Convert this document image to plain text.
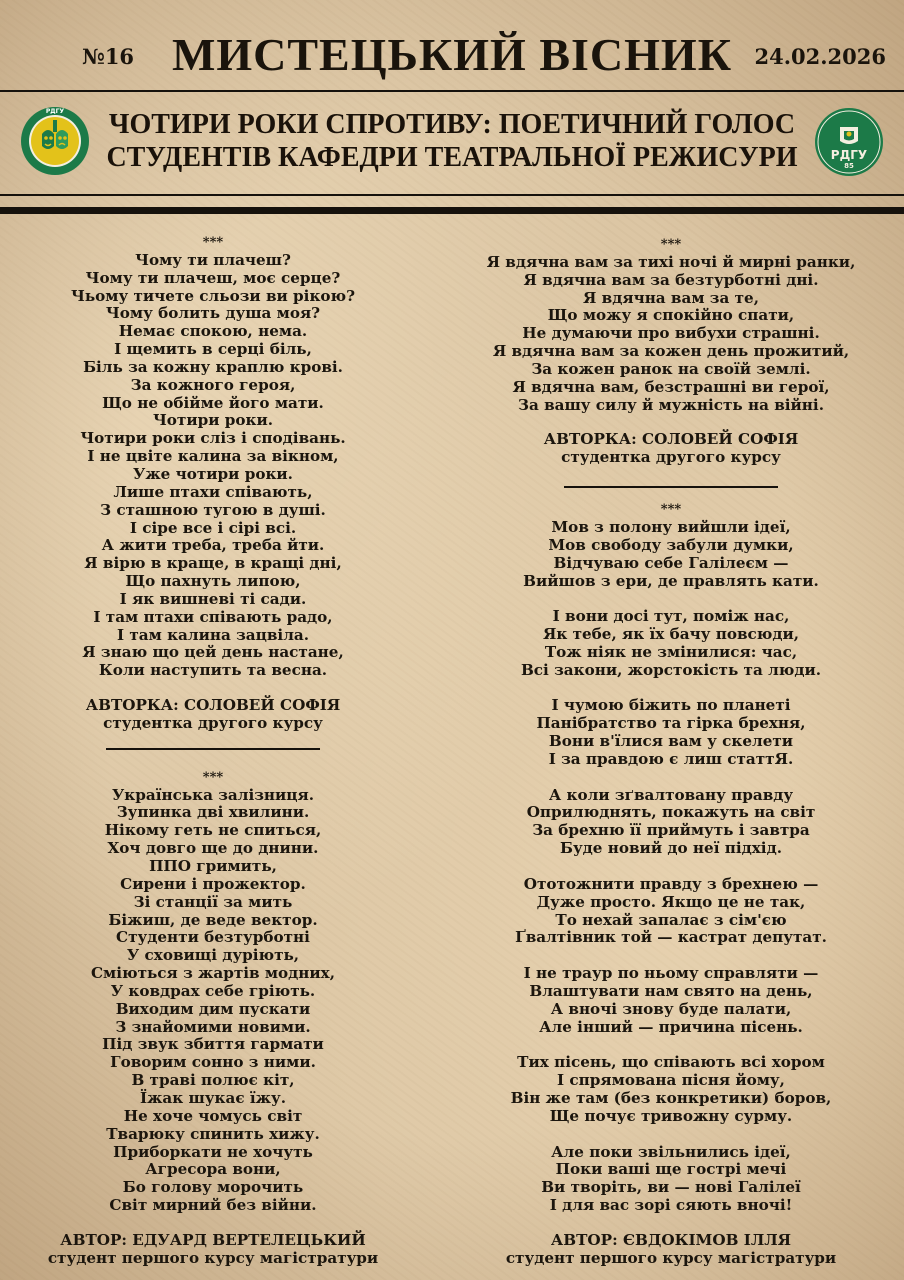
№16 МИСТЕЦЬКИЙ ВІСНИК	24.02.2026
РДГУ	ЧОТИРИ РОКИ СПРОТИВУ: ПОЕТИЧНИЙ ГОЛОС
СТУДЕНТІВ КАФЕДРИ ТЕАТРАЛЬНОЇ РЕЖИСУРИ	РДГУ
85
***
Чому ти плачеш?
Чому ти плачеш, моє серце?
Чьому тичете сльози ви рікою?
Чому болить душа моя?
Немає спокою, нема.
І щемить в серці біль,
Біль за кожну краплю крові.
За кожного героя,
Що не обійме його мати.
Чотири роки.
Чотири роки сліз і сподівань.
І не цвіте калина за вікном,
Уже чотири роки.
Лише птахи співають,
З сташною тугою в душі.
І сіре все і сірі всі.
А жити треба, треба йти.
Я вірю в краще, в кращі дні,
Що пахнуть липою,
І як вишневі ті сади.
І там птахи співають радо,
І там калина зацвіла.
Я знаю що цей день настане,
Коли наступить та весна.
АВТОРКА: СОЛОВЕЙ СОФІЯ
студентка другого курсу
***
Українська залізниця.
Зупинка дві хвилини.
Нікому геть не спиться,
Хоч довго ще до днини.
ППО гримить,
Сирени і прожектор.
Зі станції за мить
Біжиш, де веде вектор.
Студенти безтурботні
У сховищі дуріють,
Сміються з жартів модних,
У ковдрах себе гріють.
Виходим дим пускати
З знайомими новими.
Під звук збиття гармати
Говорим сонно з ними.
В траві полює кіт,
Їжак шукає їжу.
Не хоче чомусь світ
Тварюку спинить хижу.
Приборкати не хочуть
Агресора вони,
Бо голову морочить
Світ мирний без війни.
АВТОР: ЕДУАРД ВЕРТЕЛЕЦЬКИЙ
студент першого курсу магістратури
***
Я вдячна вам за тихі ночі й мирні ранки,
Я вдячна вам за безтурботні дні.
Я вдячна вам за те,
Що можу я спокійно спати,
Не думаючи про вибухи страшні.
Я вдячна вам за кожен день прожитий,
За кожен ранок на своїй землі.
Я вдячна вам, безстрашні ви герої,
За вашу силу й мужність на війні.
АВТОРКА: СОЛОВЕЙ СОФІЯ
студентка другого курсу
***
Мов з полону вийшли ідеї,
Мов свободу забули думки,
Відчуваю себе Галілеєм —
Вийшов з ери, де правлять кати.
І вони досі тут, поміж нас,
Як тебе, як їх бачу повсюди,
Тож ніяк не змінилися: час,
Всі закони, жорстокість та люди.
І чумою біжить по планеті
Панібратство та гірка брехня,
Вони в'їлися вам у скелети
І за правдою є лиш статтЯ.
А коли зґвалтовану правду
Оприлюднять, покажуть на світ
За брехню її приймуть і завтра
Буде новий до неї підхід.
Ототожнити правду з брехнею —
Дуже просто. Якщо це не так,
То нехай запалає з сім'єю
Ґвалтівник той — кастрат депутат.
І не траур по ньому справляти —
Влаштувати нам свято на день,
А вночі знову буде палати,
Але інший — причина пісень.
Тих пісень, що співають всі хором
І спрямована пісня йому,
Він же там (без конкретики) боров,
Ще почує тривожну сурму.
Але поки звільнились ідеї,
Поки ваші ще гострі мечі
Ви творіть, ви — нові Галілеї
І для вас зорі сяють вночі!
АВТОР: ЄВДОКІМОВ ІЛЛЯ
студент першого курсу магістратури
